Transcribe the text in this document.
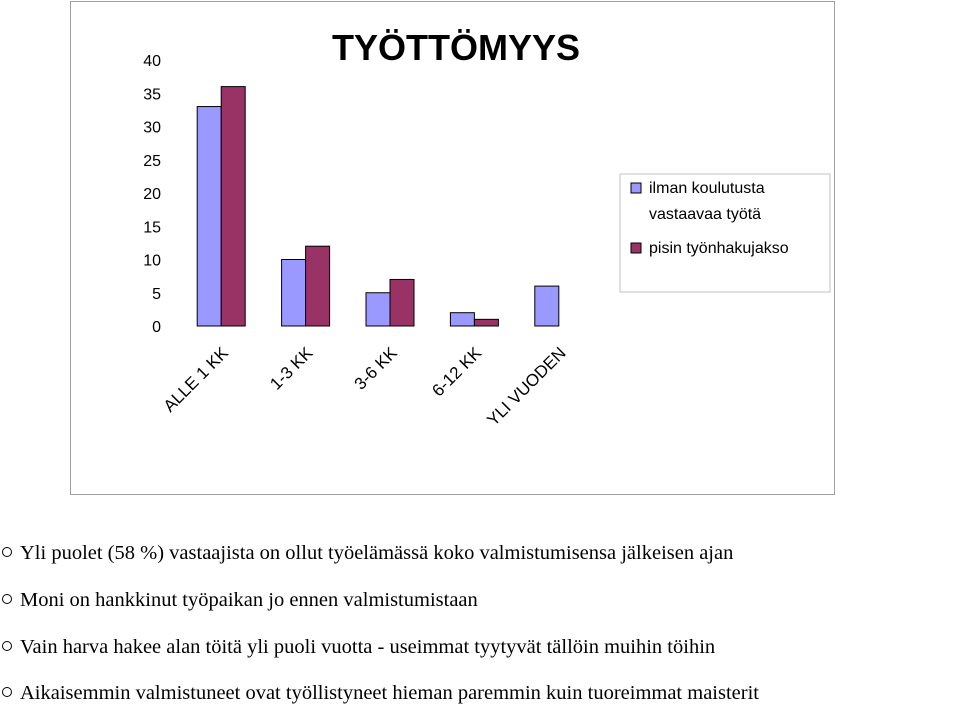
TYÖTTÖMYYS
0
5
10
15
20
25
30
35
40
ALLE 1 KK 1-3 KK 3-6 KK 6-12 KK
YLI VUODEN
ilman koulutusta
vastaavaa työtä
pisin työnhakujakso
Yli puolet (58 %) vastaajista on ollut työelämässä koko valmistumisensa jälkeisen ajan
Moni on hankkinut työpaikan jo ennen valmistumistaan
Vain harva hakee alan töitä yli puoli vuotta - useimmat tyytyvät tällöin muihin töihin
Aikaisemmin valmistuneet ovat työllistyneet hieman paremmin kuin tuoreimmat maisterit
